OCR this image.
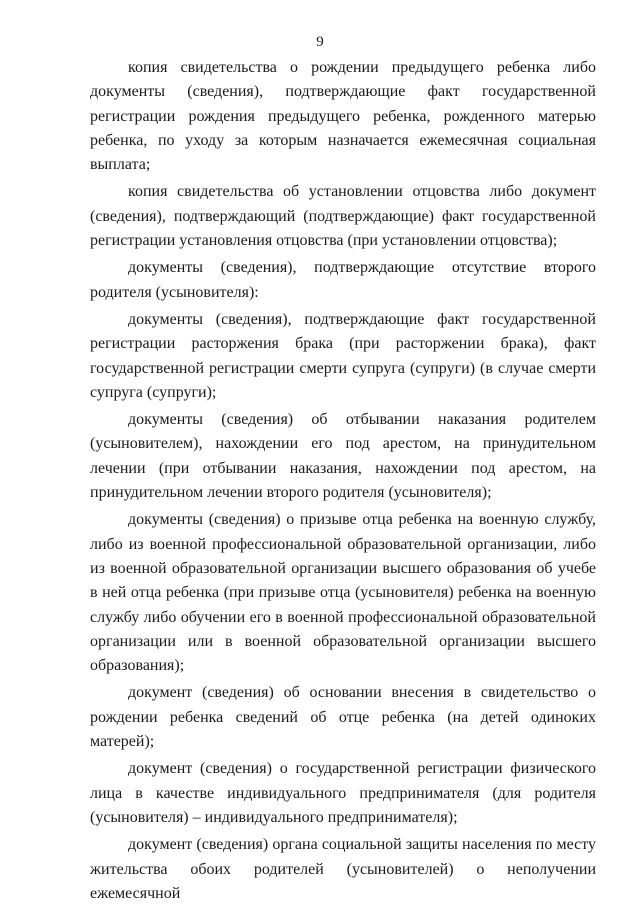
9

копия свидетельства о рождении предыдущего ребенка либо документы (сведения), подтверждающие факт государственной регистрации рождения предыдущего ребенка, рожденного матерью ребенка, по уходу за которым назначается ежемесячная социальная выплата;

копия свидетельства об установлении отцовства либо документ (сведения), подтверждающий (подтверждающие) факт государственной регистрации установления отцовства (при установлении отцовства);

документы (сведения), подтверждающие отсутствие второго родителя (усыновителя):

документы (сведения), подтверждающие факт государственной регистрации расторжения брака (при расторжении брака), факт государственной регистрации смерти супруга (супруги) (в случае смерти супруга (супруги);

документы (сведения) об отбывании наказания родителем (усыновителем), нахождении его под арестом, на принудительном лечении (при отбывании наказания, нахождении под арестом, на принудительном лечении второго родителя (усыновителя);

документы (сведения) о призыве отца ребенка на военную службу, либо из военной профессиональной образовательной организации, либо из военной образовательной организации высшего образования об учебе в ней отца ребенка (при призыве отца (усыновителя) ребенка на военную службу либо обучении его в военной профессиональной образовательной организации или в военной образовательной организации высшего образования);

документ (сведения) об основании внесения в свидетельство о рождении ребенка сведений об отце ребенка (на детей одиноких матерей);

документ (сведения) о государственной регистрации физического лица в качестве индивидуального предпринимателя (для родителя (усыновителя) – индивидуального предпринимателя);

документ (сведения) органа социальной защиты населения по месту жительства обоих родителей (усыновителей) о неполучении ежемесячной
